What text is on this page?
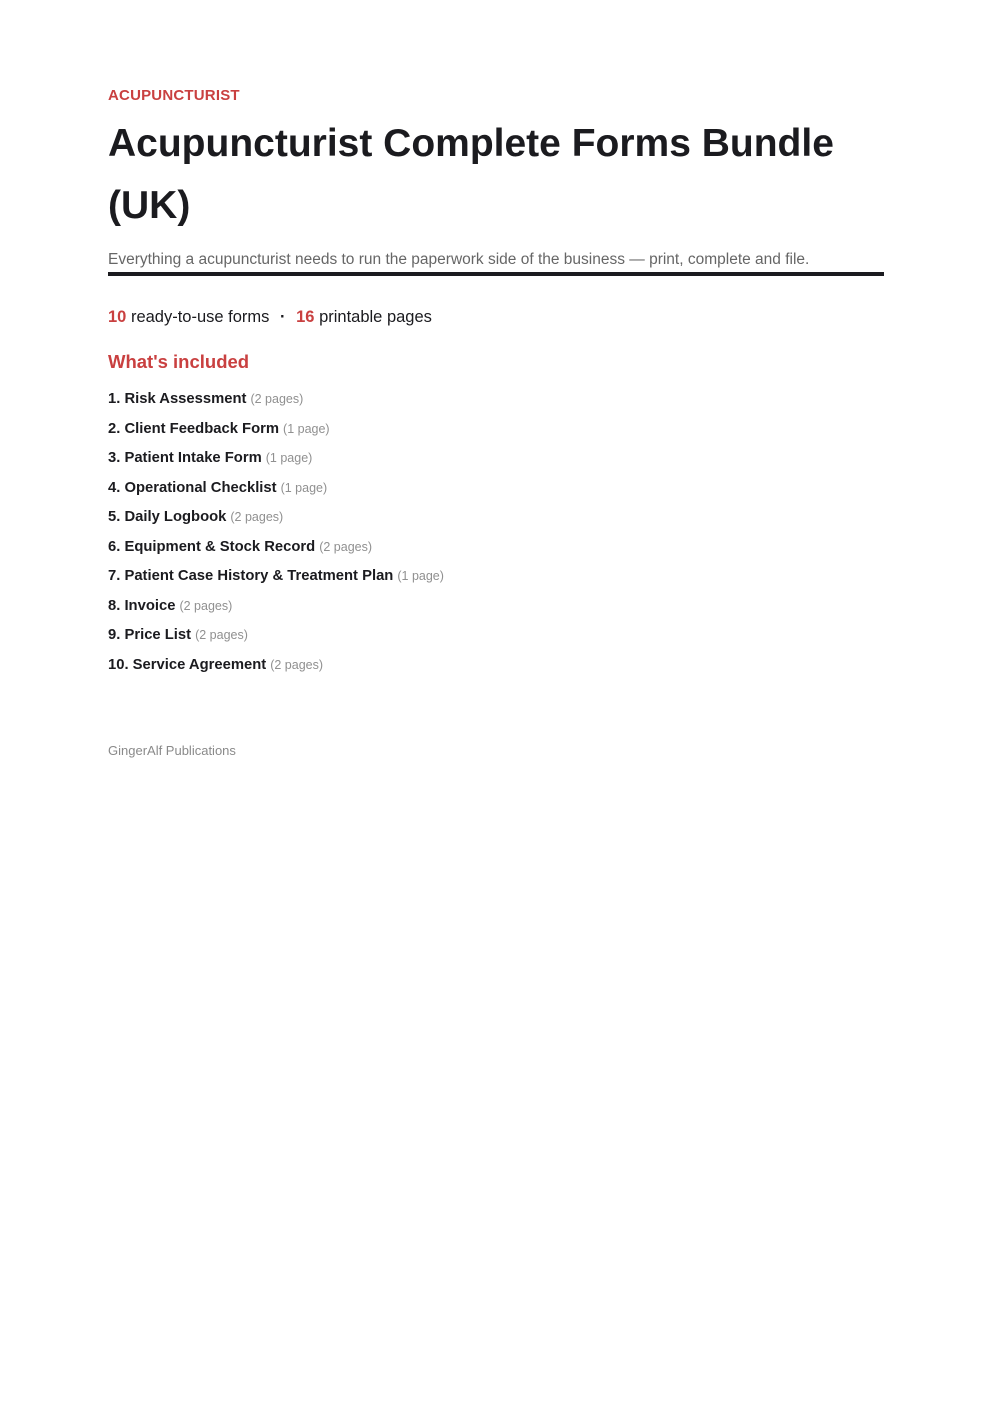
ACUPUNCTURIST
Acupuncturist Complete Forms Bundle (UK)
Everything a acupuncturist needs to run the paperwork side of the business — print, complete and file.
10 ready-to-use forms · 16 printable pages
What's included
1. Risk Assessment (2 pages)
2. Client Feedback Form (1 page)
3. Patient Intake Form (1 page)
4. Operational Checklist (1 page)
5. Daily Logbook (2 pages)
6. Equipment & Stock Record (2 pages)
7. Patient Case History & Treatment Plan (1 page)
8. Invoice (2 pages)
9. Price List (2 pages)
10. Service Agreement (2 pages)
GingerAlf Publications
